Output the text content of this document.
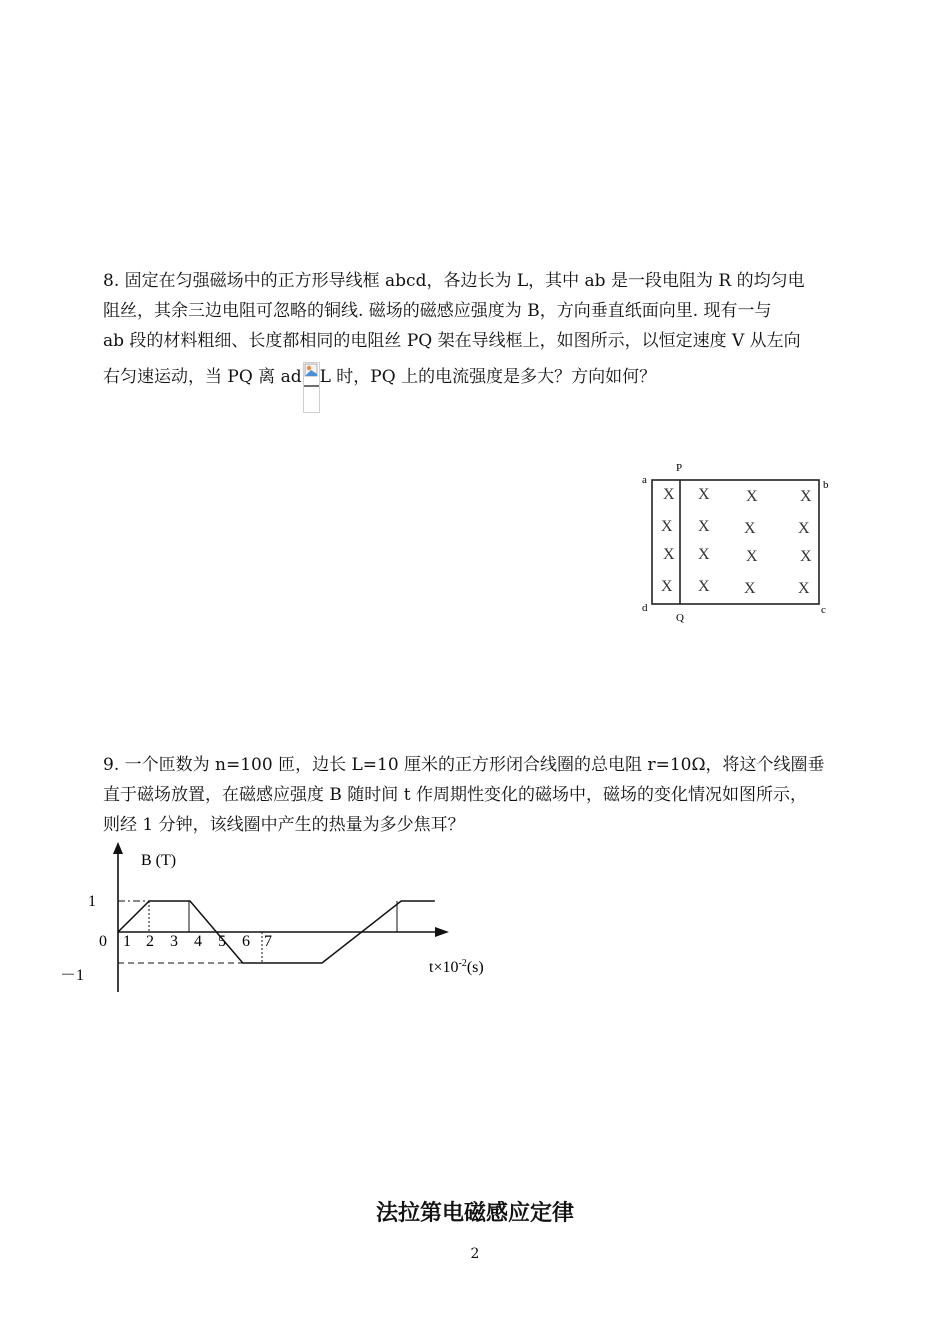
8. 固定在匀强磁场中的正方形导线框 abcd，各边长为 L，其中 ab 是一段电阻为 R 的均匀电
阻丝，其余三边电阻可忽略的铜线. 磁场的磁感应强度为 B，方向垂直纸面向里. 现有一与
ab 段的材料粗细、长度都相同的电阻丝 PQ 架在导线框上，如图所示，以恒定速度 V 从左向
右匀速运动，当 PQ 离 ad L 时，PQ 上的电流强度是多大？方向如何？
a	b
c
d
P
Q
X X X	X
X X X	X
X X X	X
X X X	X
9. 一个匝数为 n=100 匝，边长 L=10 厘米的正方形闭合线圈的总电阻 r=10Ω，将这个线圈垂
直于磁场放置，在磁感应强度 B 随时间 t 作周期性变化的磁场中，磁场的变化情况如图所示，
则经 1 分钟，该线圈中产生的热量为多少焦耳？
B (T)
1
0
－1
1 2 3 4 5 6 7
$t\times 10^{-2}(s)$
法拉第电磁感应定律
2
